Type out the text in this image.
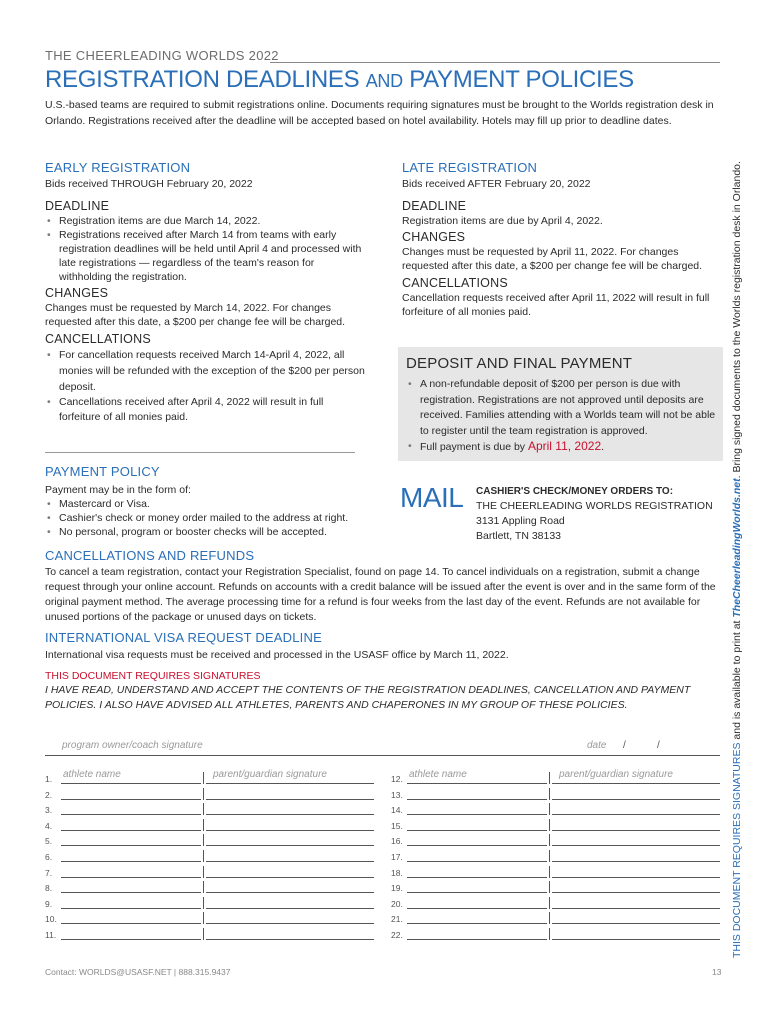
THE CHEERLEADING WORLDS 2022
REGISTRATION DEADLINES AND PAYMENT POLICIES
U.S.-based teams are required to submit registrations online. Documents requiring signatures must be brought to the Worlds registration desk in Orlando. Registrations received after the deadline will be accepted based on hotel availability. Hotels may fill up prior to deadline dates.
EARLY REGISTRATION
Bids received THROUGH February 20, 2022
DEADLINE
• Registration items are due March 14, 2022.
• Registrations received after March 14 from teams with early registration deadlines will be held until April 4 and processed with late registrations — regardless of the team's reason for withholding the registration.
CHANGES
Changes must be requested by March 14, 2022. For changes requested after this date, a $200 per change fee will be charged.
CANCELLATIONS
• For cancellation requests received March 14-April 4, 2022, all monies will be refunded with the exception of the $200 per person deposit.
• Cancellations received after April 4, 2022 will result in full forfeiture of all monies paid.
LATE REGISTRATION
Bids received AFTER February 20, 2022
DEADLINE
Registration items are due by April 4, 2022.
CHANGES
Changes must be requested by April 11, 2022. For changes requested after this date, a $200 per change fee will be charged.
CANCELLATIONS
Cancellation requests received after April 11, 2022 will result in full forfeiture of all monies paid.
DEPOSIT AND FINAL PAYMENT
• A non-refundable deposit of $200 per person is due with registration. Registrations are not approved until deposits are received. Families attending with a Worlds team will not be able to register until the team registration is approved.
• Full payment is due by April 11, 2022.
PAYMENT POLICY
Payment may be in the form of:
• Mastercard or Visa.
• Cashier's check or money order mailed to the address at right.
• No personal, program or booster checks will be accepted.
MAIL CASHIER'S CHECK/MONEY ORDERS TO:
THE CHEERLEADING WORLDS REGISTRATION
3131 Appling Road
Bartlett, TN 38133
CANCELLATIONS AND REFUNDS
To cancel a team registration, contact your Registration Specialist, found on page 14. To cancel individuals on a registration, submit a change request through your online account. Refunds on accounts with a credit balance will be issued after the event is over and in the same form of the original payment method. The average processing time for a refund is four weeks from the last day of the event. Refunds are not available for unused portions of the package or unused days on tickets.
INTERNATIONAL VISA REQUEST DEADLINE
International visa requests must be received and processed in the USASF office by March 11, 2022.
THIS DOCUMENT REQUIRES SIGNATURES
I HAVE READ, UNDERSTAND AND ACCEPT THE CONTENTS OF THE REGISTRATION DEADLINES, CANCELLATION AND PAYMENT POLICIES. I ALSO HAVE ADVISED ALL ATHLETES, PARENTS AND CHAPERONES IN MY GROUP OF THESE POLICIES.
program owner/coach signature	date /	/
1.	athlete name	parent/guardian signature
2.
3.
4.
5.
6.
7.
8.
9.
10.
11.
12. athlete name	parent/guardian signature
13.
14.
15.
16.
17.
18.
19.
20.
21.
22.	THIS DOCUMENT REQUIRES SIGNATURES and is available to print at TheCheerleadingWorlds.net. Bring signed documents to the Worlds registration desk in Orlando.
Contact: WORLDS@USASF.NET | 888.315.9437	13
